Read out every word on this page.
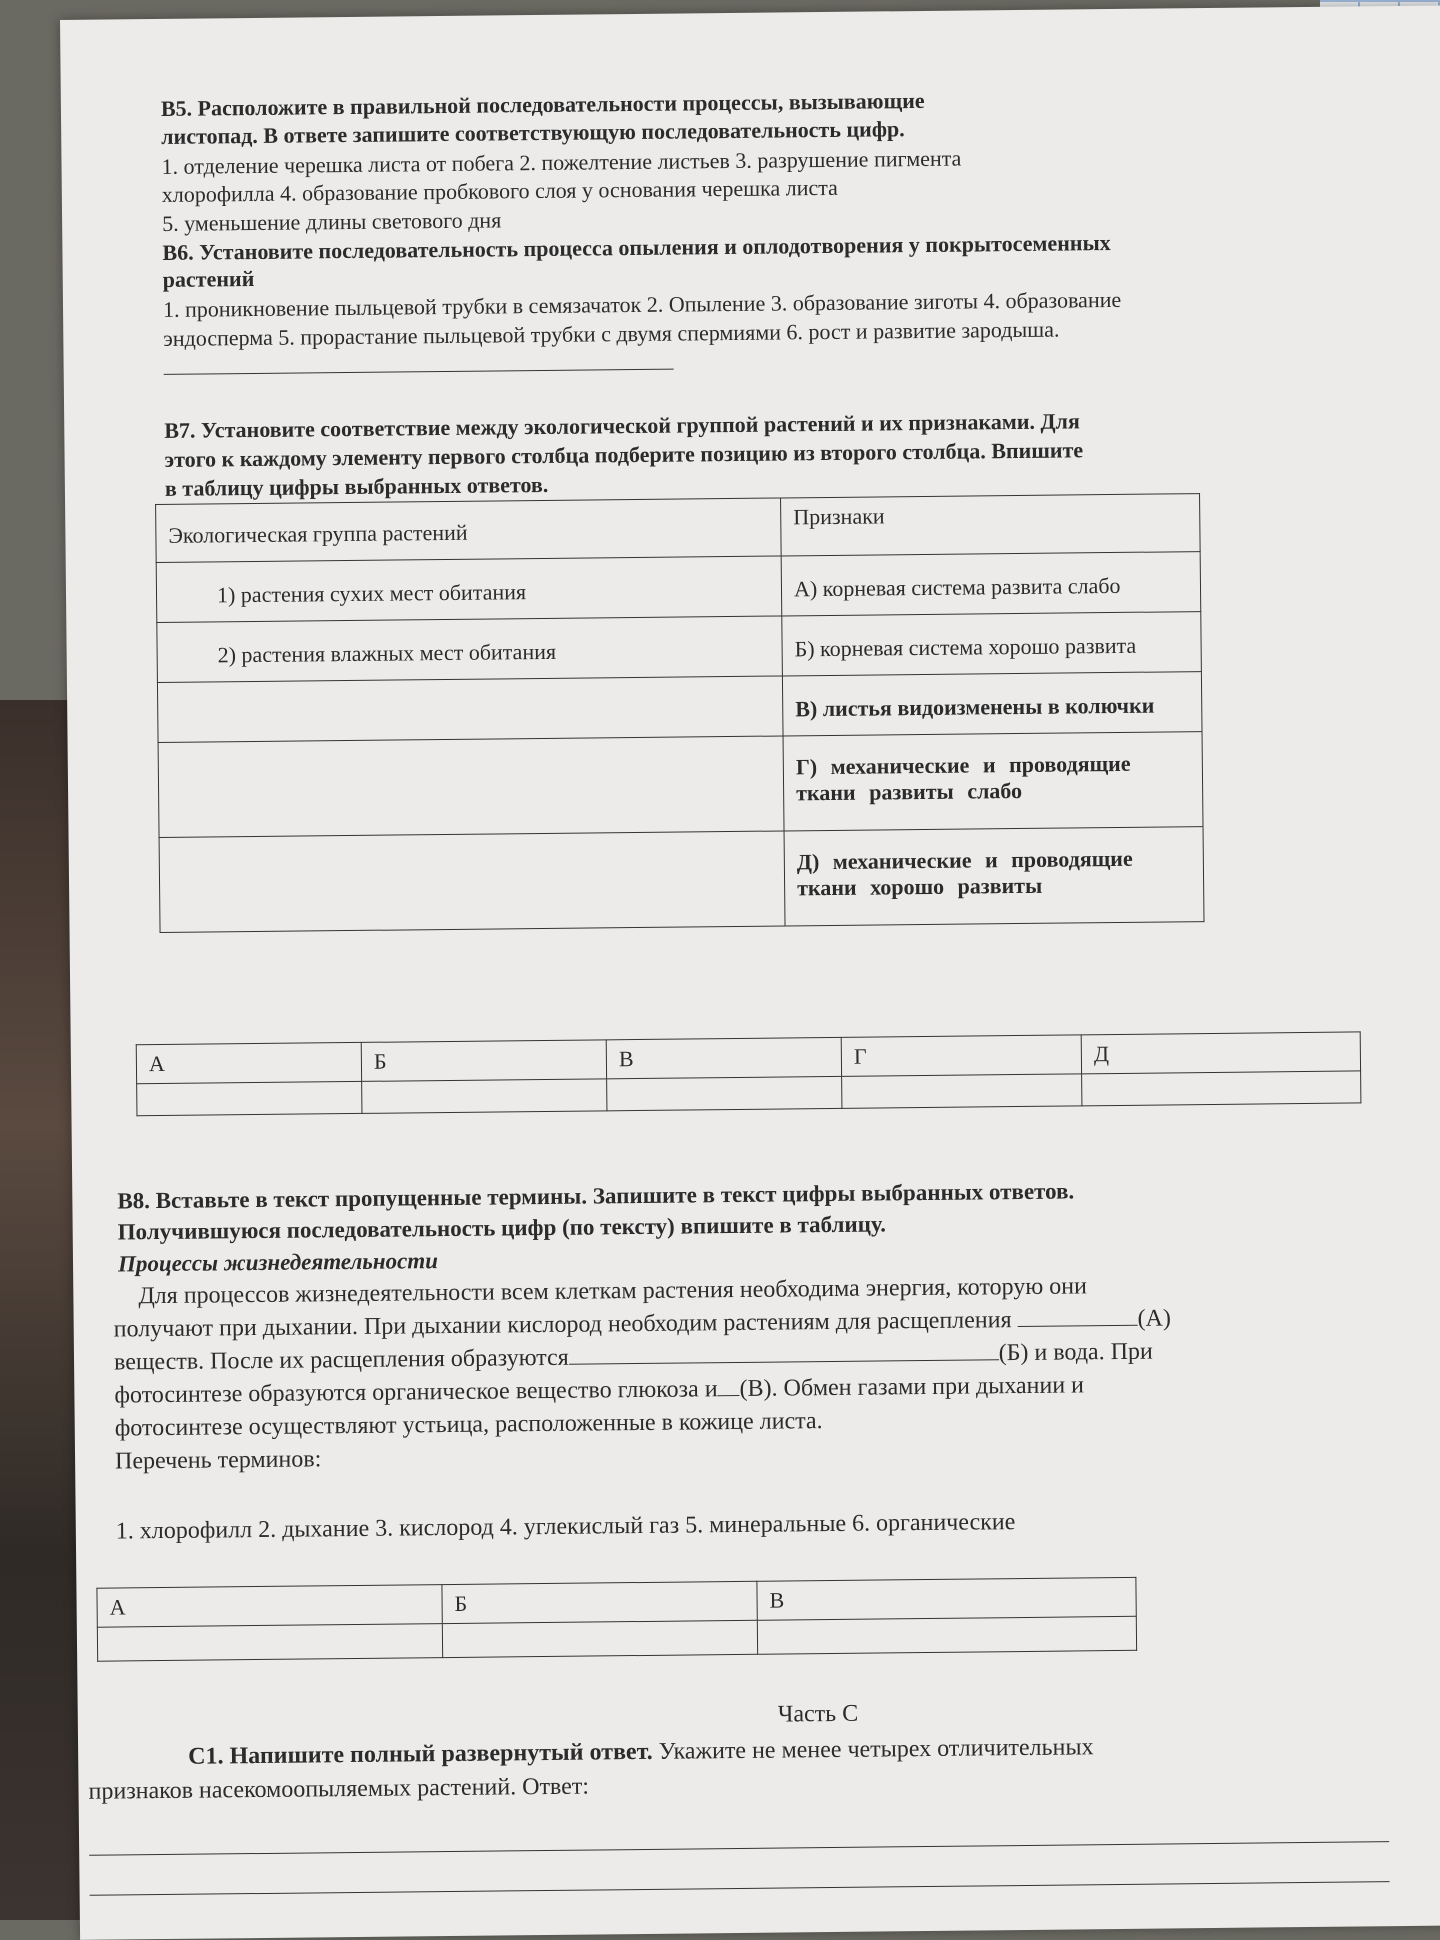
В5. Расположите в правильной последовательности процессы, вызывающие

листопад. В ответе запишите соответствующую последовательность цифр.

1. отделение черешка листа от побега 2. пожелтение листьев 3. разрушение пигмента

хлорофилла 4. образование пробкового слоя у основания черешка листа

5. уменьшение длины светового дня

В6. Установите последовательность процесса опыления и оплодотворения у покрытосеменных

растений

1. проникновение пыльцевой трубки в семязачаток 2. Опыление 3. образование зиготы 4. образование

эндосперма 5. прорастание пыльцевой трубки с двумя спермиями 6. рост и развитие зародыша.

В7. Установите соответствие между экологической группой растений и их признаками. Для

этого к каждому элементу первого столбца подберите позицию из второго столбца. Впишите

в таблицу цифры выбранных ответов.

Экологическая группа растений	Признаки
1) растения сухих мест обитания	А) корневая система развита слабо
2) растения влажных мест обитания	Б) корневая система хорошо развита
	В) листья видоизменены в колючки
	Г) механические и проводящие ткани развиты слабо
	Д) механические и проводящие ткани хорошо развиты
А	Б	В	Г	Д

В8. Вставьте в текст пропущенные термины. Запишите в текст цифры выбранных ответов.

Получившуюся последовательность цифр (по тексту) впишите в таблицу.

Процессы жизнедеятельности

Для процессов жизнедеятельности всем клеткам растения необходима энергия, которую они

получают при дыхании. При дыхании кислород необходим растениям для расщепления	(А)

веществ. После их расщепления образуются	(Б) и вода. При

фотосинтезе образуются органическое вещество глюкоза и (В). Обмен газами при дыхании и

фотосинтезе осуществляют устьица, расположенные в кожице листа.

Перечень терминов:

1. хлорофилл 2. дыхание 3. кислород 4. углекислый газ 5. минеральные 6. органические

А	Б	В

Часть С

С1. Напишите полный развернутый ответ. Укажите не менее четырех отличительных

признаков насекомоопыляемых растений. Ответ:
